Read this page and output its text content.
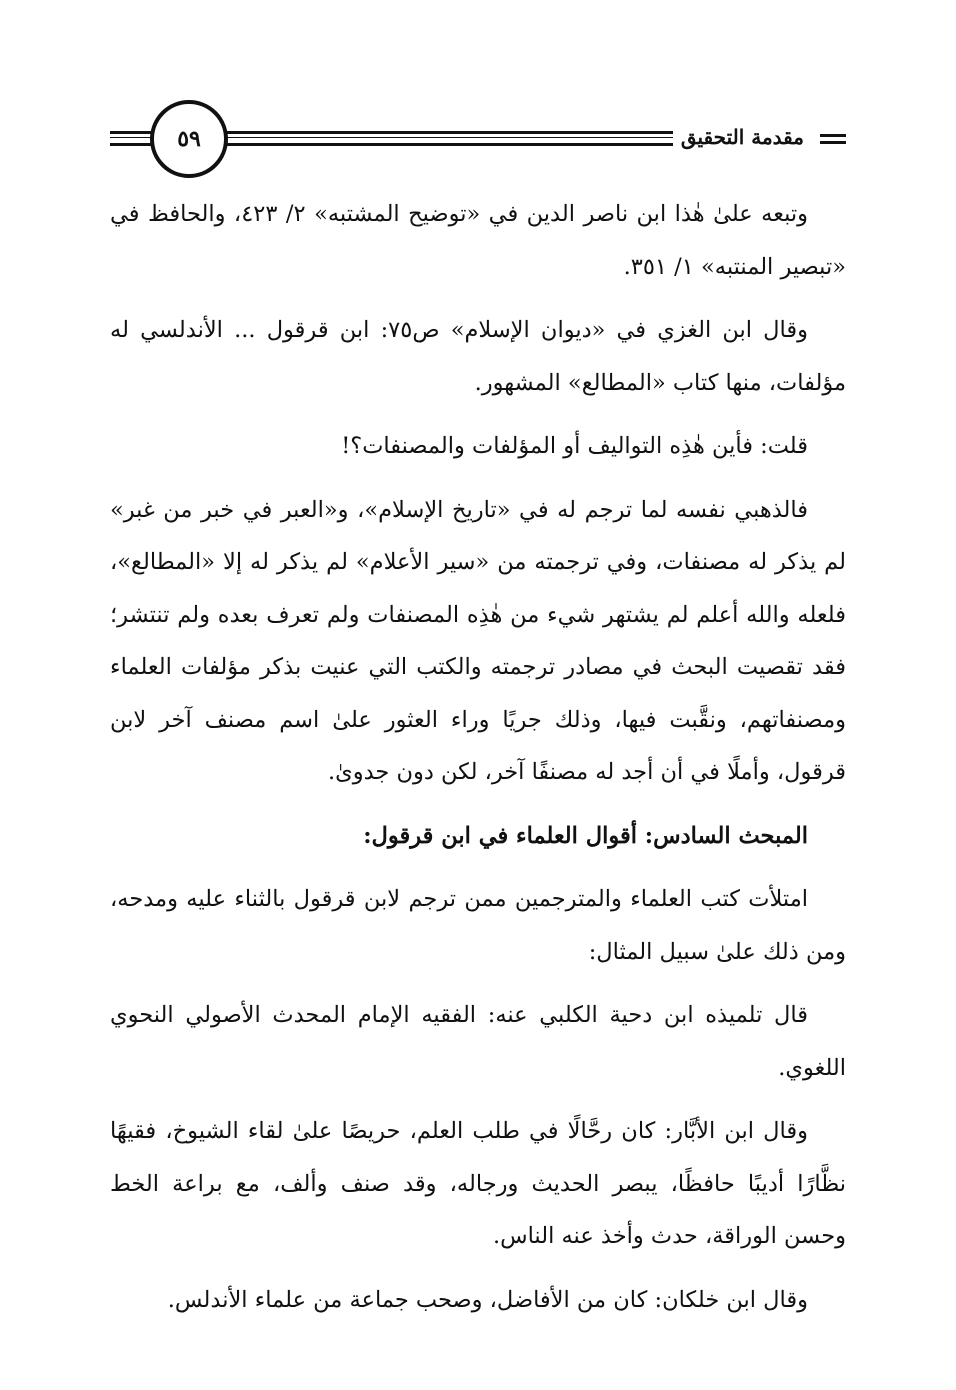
٥٩	مقدمة التحقيق

وتبعه علىٰ هٰذا ابن ناصر الدين في «توضيح المشتبه» ٢/ ٤٢٣، والحافظ في «تبصير المنتبه» ١/ ٣٥١.

وقال ابن الغزي في «ديوان الإسلام» ص٧٥: ابن قرقول ... الأندلسي له مؤلفات، منها كتاب «المطالع» المشهور.

قلت: فأين هٰذِه التواليف أو المؤلفات والمصنفات؟!

فالذهبي نفسه لما ترجم له في «تاريخ الإسلام»، و«العبر في خبر من غبر» لم يذكر له مصنفات، وفي ترجمته من «سير الأعلام» لم يذكر له إلا «المطالع»، فلعله والله أعلم لم يشتهر شيء من هٰذِه المصنفات ولم تعرف بعده ولم تنتشر؛ فقد تقصيت البحث في مصادر ترجمته والكتب التي عنيت بذكر مؤلفات العلماء ومصنفاتهم، ونقَّبت فيها، وذلك جريًا وراء العثور علىٰ اسم مصنف آخر لابن قرقول، وأملًا في أن أجد له مصنفًا آخر، لكن دون جدوىٰ.

المبحث السادس: أقوال العلماء في ابن قرقول:

امتلأت كتب العلماء والمترجمين ممن ترجم لابن قرقول بالثناء عليه ومدحه، ومن ذلك علىٰ سبيل المثال:

قال تلميذه ابن دحية الكلبي عنه: الفقيه الإمام المحدث الأصولي النحوي اللغوي.

وقال ابن الأبَّار: كان رحَّالًا في طلب العلم، حريصًا علىٰ لقاء الشيوخ، فقيهًا نظَّارًا أديبًا حافظًا، يبصر الحديث ورجاله، وقد صنف وألف، مع براعة الخط وحسن الوراقة، حدث وأخذ عنه الناس.

وقال ابن خلكان: كان من الأفاضل، وصحب جماعة من علماء الأندلس.
